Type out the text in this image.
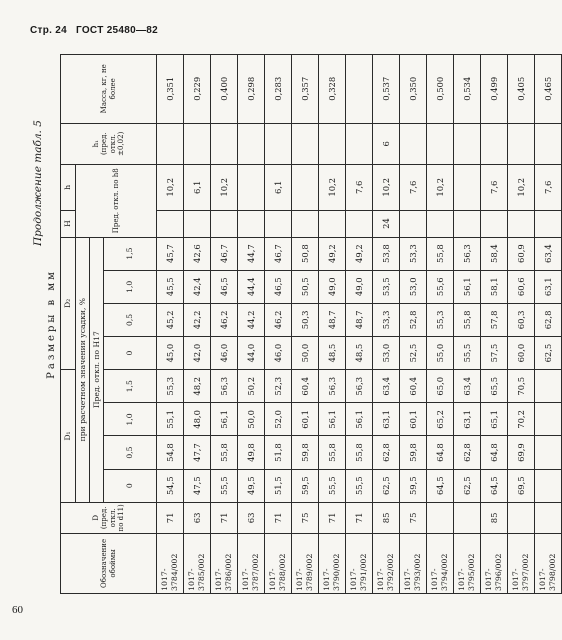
Стр. 24 ГОСТ 25480—82
60
Продолжение табл. 5
Размеры в мм
Обозначение обоймы	D
(пред. откл. по d11)	D₁				D₂				H	h	h₁
(пред. откл. ±0,02)	Масса, кг, не более
		при расчетном значении усадки, %								Пред. откл. по h8			
		Пред. откл. по Н17											
		0	0,5	1,0	1,5	0	0,5	1,0	1,5				
1017-3784/002	71	54,5	54,8	55,1	55,3	45,0	45,2	45,5	45,7		10,2		0,351
1017-3785/002	63	47,5	47,7	48,0	48,2	42,0	42,2	42,4	42,6		6,1		0,229
1017-3786/002	71	55,5	55,8	56,1	56,3	46,0	46,2	46,5	46,7		10,2		0,400
1017-3787/002	63	49,5	49,8	50,0	50,2	44,0	44,2	44,4	44,7				0,298
1017-3788/002	71	51,5	51,8	52,0	52,3	46,0	46,2	46,5	46,7		6,1		0,283
1017-3789/002	75	59,5	59,8	60,1	60,4	50,0	50,3	50,5	50,8				0,357
1017-3790/002	71	55,5	55,8	56,1	56,3	48,5	48,7	49,0	49,2		10,2		0,328
1017-3791/002	71	55,5	55,8	56,1	56,3	48,5	48,7	49,0	49,2		7,6		
1017-3792/002	85	62,5	62,8	63,1	63,4	53,0	53,3	53,5	53,8	24	10,2	6	0,537
1017-3793/002	75	59,5	59,8	60,1	60,4	52,5	52,8	53,0	53,3		7,6		0,350
1017-3794/002		64,5	64,8	65,2	65,0	55,0	55,3	55,6	55,8		10,2		0,500
1017-3795/002		62,5	62,8	63,1	63,4	55,5	55,8	56,1	56,3				0,534
1017-3796/002	85	64,5	64,8	65,1	65,5	57,5	57,8	58,1	58,4		7,6		0,499
1017-3797/002		69,5	69,9	70,2	70,5	60,0	60,3	60,6	60,9		10,2		0,405
1017-3798/002						62,5	62,8	63,1	63,4		7,6		0,465
